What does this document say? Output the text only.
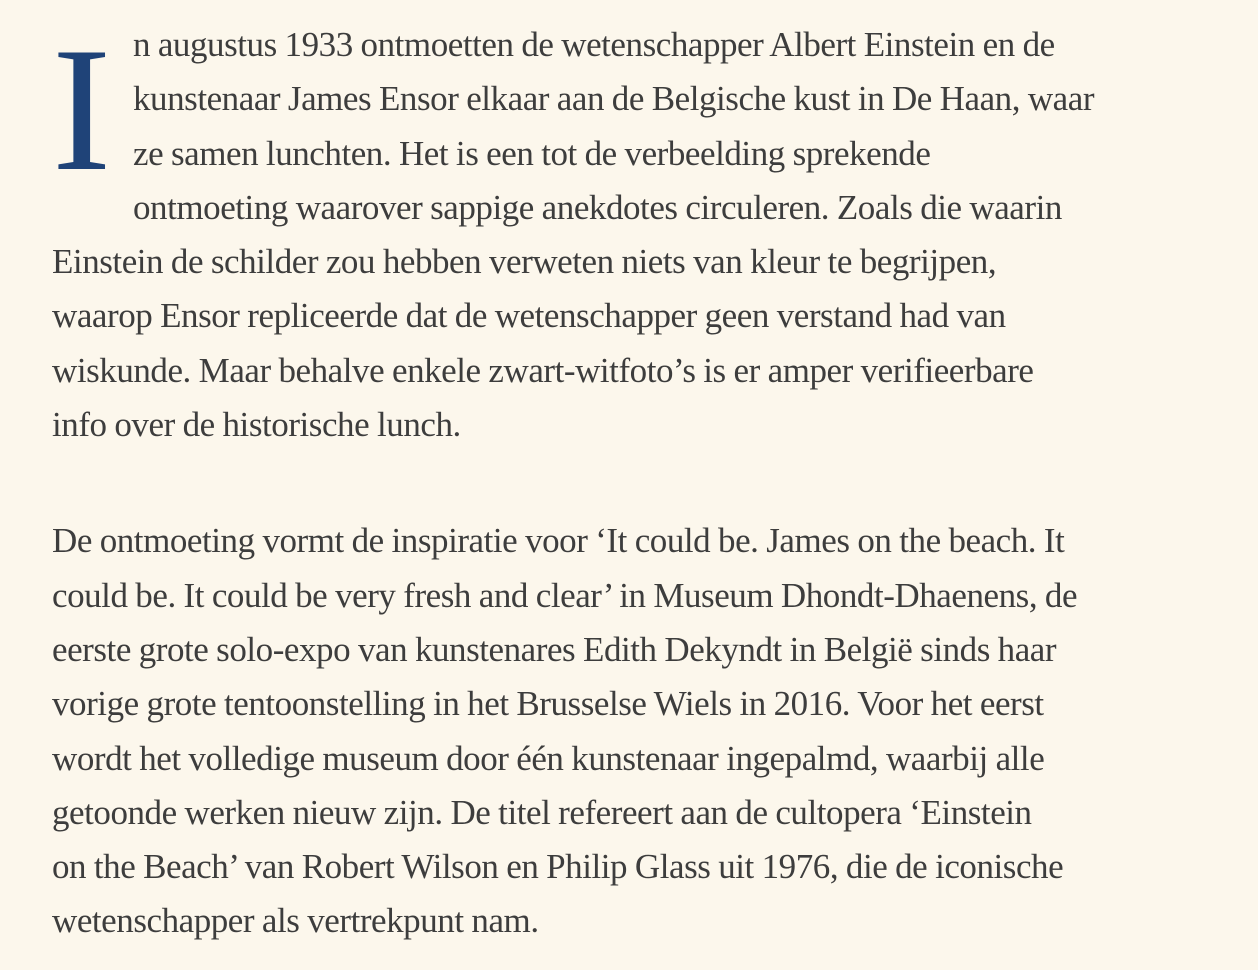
I n augustus 1933 ontmoetten de wetenschapper Albert Einstein en de
kunstenaar James Ensor elkaar aan de Belgische kust in De Haan, waar
ze samen lunchten. Het is een tot de verbeelding sprekende
ontmoeting waarover sappige anekdotes circuleren. Zoals die waarin
Einstein de schilder zou hebben verweten niets van kleur te begrijpen,
waarop Ensor repliceerde dat de wetenschapper geen verstand had van
wiskunde. Maar behalve enkele zwart-witfoto’s is er amper verifieerbare
info over de historische lunch.

De ontmoeting vormt de inspiratie voor ‘It could be. James on the beach. It
could be. It could be very fresh and clear’ in Museum Dhondt-Dhaenens, de
eerste grote solo-expo van kunstenares Edith Dekyndt in België sinds haar
vorige grote tentoonstelling in het Brusselse Wiels in 2016. Voor het eerst
wordt het volledige museum door één kunstenaar ingepalmd, waarbij alle
getoonde werken nieuw zijn. De titel refereert aan de cultopera ‘Einstein
on the Beach’ van Robert Wilson en Philip Glass uit 1976, die de iconische
wetenschapper als vertrekpunt nam.
